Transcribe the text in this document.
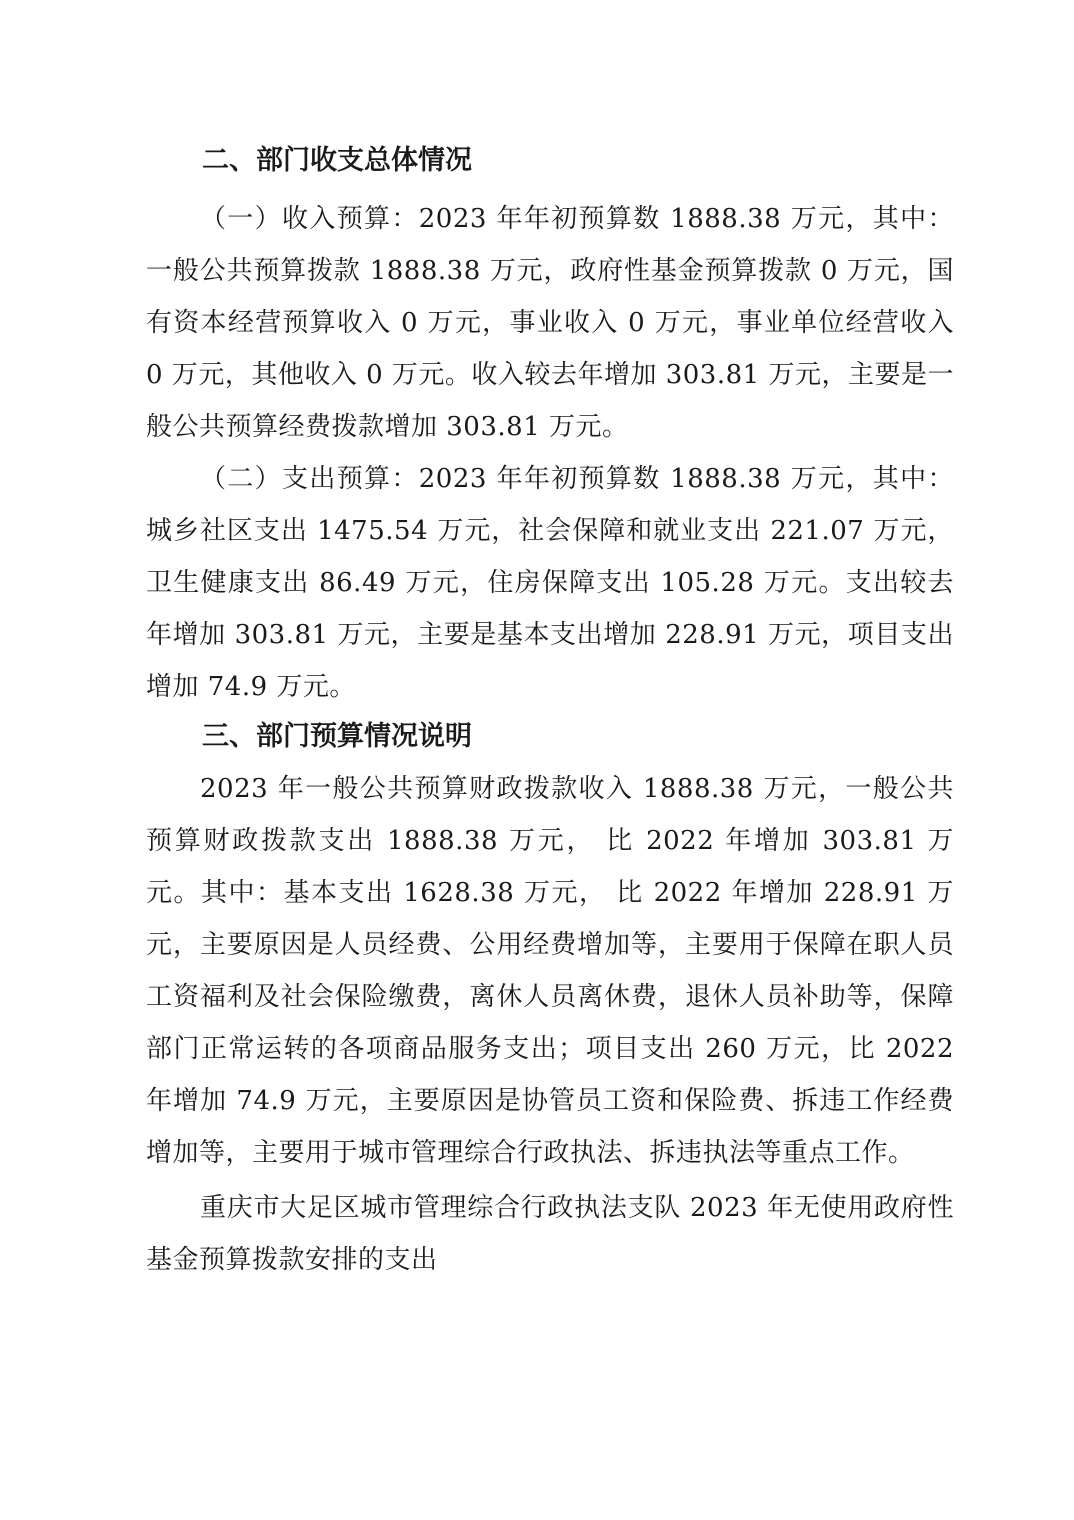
二、部门收支总体情况

（一）收入预算：2023 年年初预算数 1888.38 万元，其中：一般公共预算拨款 1888.38 万元，政府性基金预算拨款 0 万元，国有资本经营预算收入 0 万元，事业收入 0 万元，事业单位经营收入 0 万元，其他收入 0 万元。收入较去年增加 303.81 万元，主要是一般公共预算经费拨款增加 303.81 万元。

（二）支出预算：2023 年年初预算数 1888.38 万元，其中：城乡社区支出 1475.54 万元，社会保障和就业支出 221.07 万元，卫生健康支出 86.49 万元，住房保障支出 105.28 万元。支出较去年增加 303.81 万元，主要是基本支出增加 228.91 万元，项目支出增加 74.9 万元。

三、部门预算情况说明

2023 年一般公共预算财政拨款收入 1888.38 万元，一般公共预算财政拨款支出 1888.38 万元， 比 2022 年增加 303.81 万元。其中：基本支出 1628.38 万元， 比 2022 年增加 228.91 万元，主要原因是人员经费、公用经费增加等，主要用于保障在职人员工资福利及社会保险缴费，离休人员离休费，退休人员补助等，保障部门正常运转的各项商品服务支出；项目支出 260 万元，比 2022 年增加 74.9 万元，主要原因是协管员工资和保险费、拆违工作经费增加等，主要用于城市管理综合行政执法、拆违执法等重点工作。

重庆市大足区城市管理综合行政执法支队 2023 年无使用政府性基金预算拨款安排的支出
